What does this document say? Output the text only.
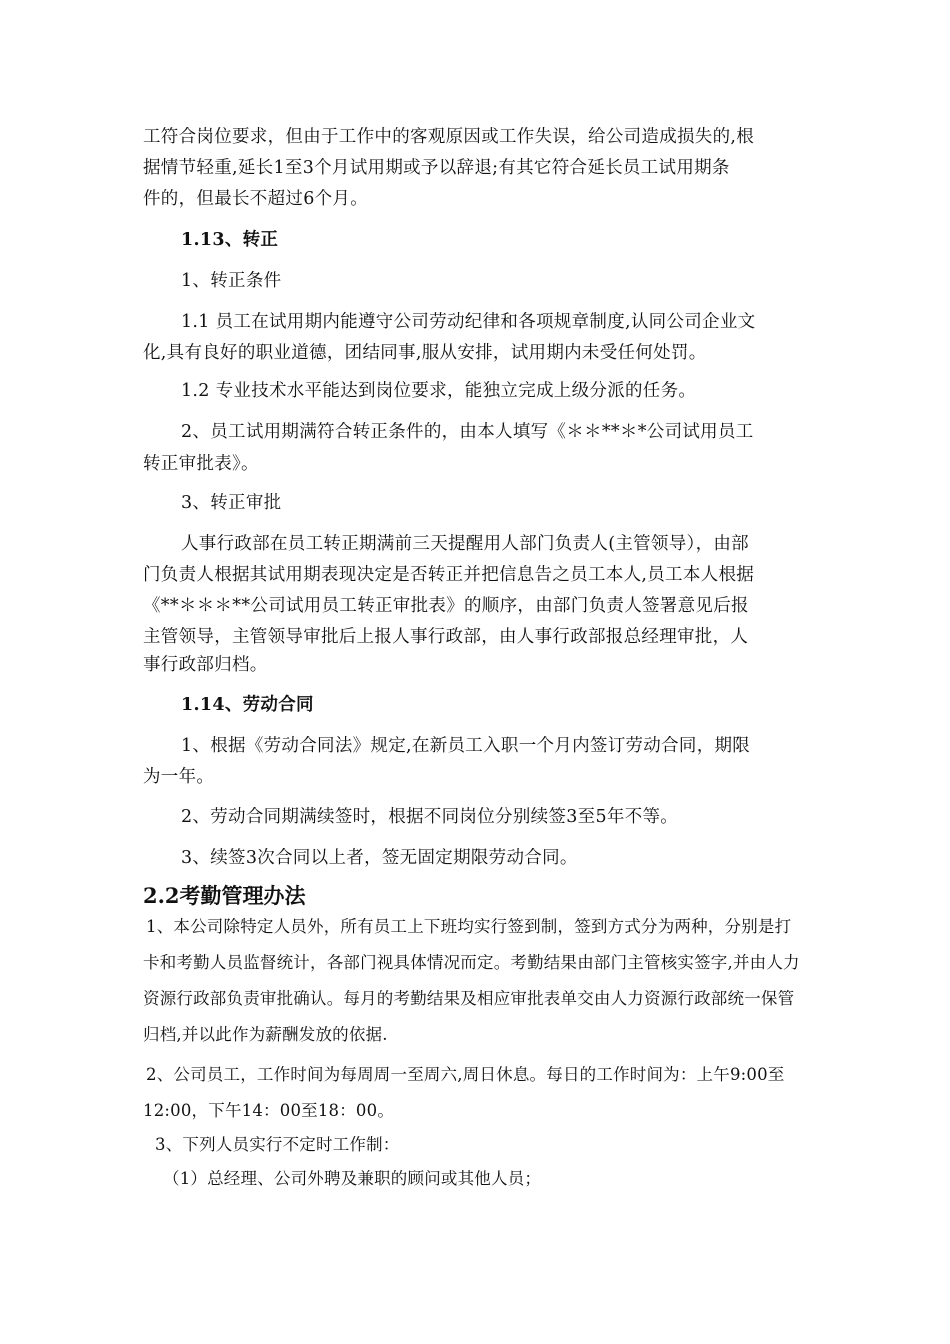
工符合岗位要求，但由于工作中的客观原因或工作失误，给公司造成损失的,根
据情节轻重,延长1至3个月试用期或予以辞退;有其它符合延长员工试用期条
件的，但最长不超过6个月。
1.13、转正
1、转正条件
1.1 员工在试用期内能遵守公司劳动纪律和各项规章制度,认同公司企业文
化,具有良好的职业道德，团结同事,服从安排，试用期内未受任何处罚。
1.2 专业技术水平能达到岗位要求，能独立完成上级分派的任务。
2、员工试用期满符合转正条件的，由本人填写《＊＊**＊*公司试用员工
转正审批表》。
3、转正审批
人事行政部在员工转正期满前三天提醒用人部门负责人(主管领导），由部
门负责人根据其试用期表现决定是否转正并把信息告之员工本人,员工本人根据
《**＊＊＊**公司试用员工转正审批表》的顺序，由部门负责人签署意见后报
主管领导，主管领导审批后上报人事行政部，由人事行政部报总经理审批，人
事行政部归档。
1.14、劳动合同
1、根据《劳动合同法》规定,在新员工入职一个月内签订劳动合同，期限
为一年。
2、劳动合同期满续签时，根据不同岗位分别续签3至5年不等。
3、续签3次合同以上者，签无固定期限劳动合同。
2.2考勤管理办法
1、本公司除特定人员外，所有员工上下班均实行签到制，签到方式分为两种，分别是打
卡和考勤人员监督统计，各部门视具体情况而定。考勤结果由部门主管核实签字,并由人力
资源行政部负责审批确认。每月的考勤结果及相应审批表单交由人力资源行政部统一保管
归档,并以此作为薪酬发放的依据.
2、公司员工，工作时间为每周周一至周六,周日休息。每日的工作时间为：上午9:00至
12:00，下午14：00至18：00。
3、下列人员实行不定时工作制：
（1）总经理、公司外聘及兼职的顾问或其他人员；
